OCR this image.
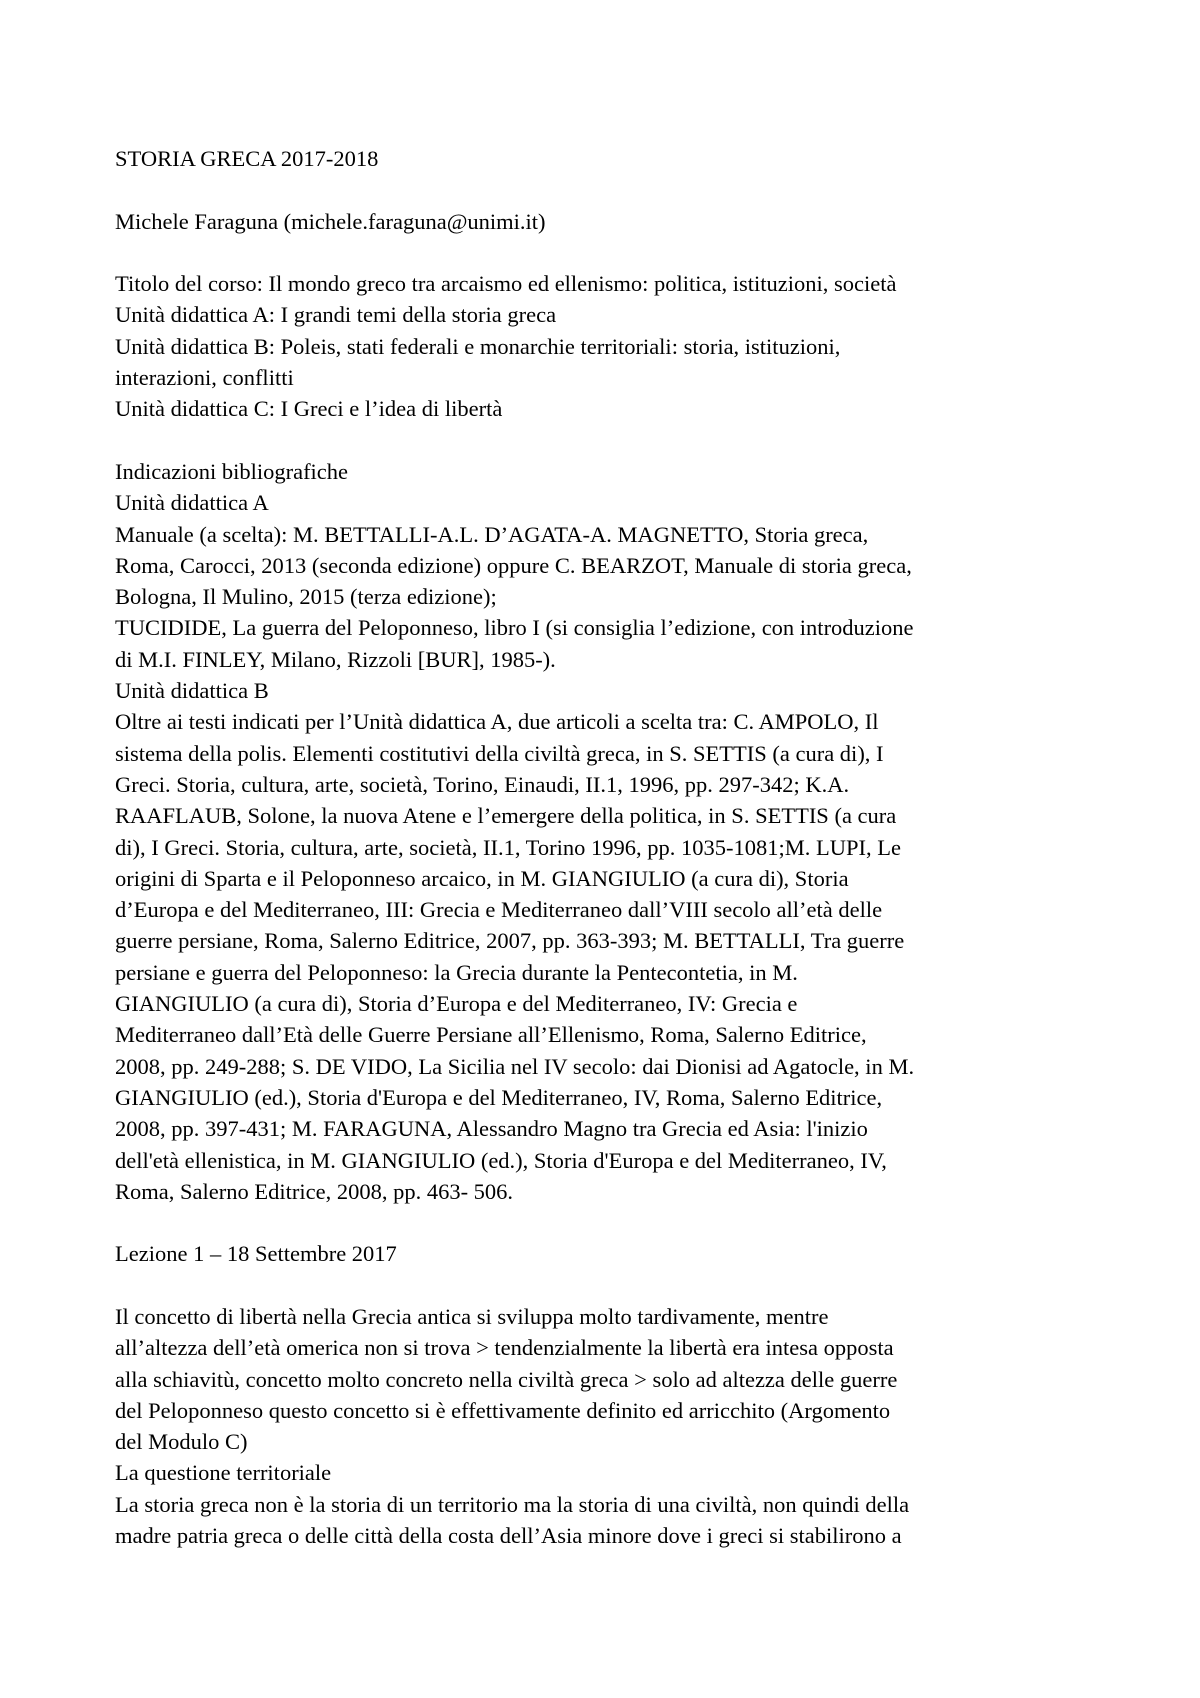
STORIA GRECA 2017-2018

Michele Faraguna (michele.faraguna@unimi.it)

Titolo del corso: Il mondo greco tra arcaismo ed ellenismo: politica, istituzioni, società

Unità didattica A: I grandi temi della storia greca

Unità didattica B: Poleis, stati federali e monarchie territoriali: storia, istituzioni,

interazioni, conflitti

Unità didattica C: I Greci e l’idea di libertà

Indicazioni bibliografiche

Unità didattica A

Manuale (a scelta): M. BETTALLI-A.L. D’AGATA-A. MAGNETTO, Storia greca,

Roma, Carocci, 2013 (seconda edizione) oppure C. BEARZOT, Manuale di storia greca,

Bologna, Il Mulino, 2015 (terza edizione);

TUCIDIDE, La guerra del Peloponneso, libro I (si consiglia l’edizione, con introduzione

di M.I. FINLEY, Milano, Rizzoli [BUR], 1985-).

Unità didattica B

Oltre ai testi indicati per l’Unità didattica A, due articoli a scelta tra: C. AMPOLO, Il

sistema della polis. Elementi costitutivi della civiltà greca, in S. SETTIS (a cura di), I

Greci. Storia, cultura, arte, società, Torino, Einaudi, II.1, 1996, pp. 297-342; K.A.

RAAFLAUB, Solone, la nuova Atene e l’emergere della politica, in S. SETTIS (a cura

di), I Greci. Storia, cultura, arte, società, II.1, Torino 1996, pp. 1035-1081;M. LUPI, Le

origini di Sparta e il Peloponneso arcaico, in M. GIANGIULIO (a cura di), Storia

d’Europa e del Mediterraneo, III: Grecia e Mediterraneo dall’VIII secolo all’età delle

guerre persiane, Roma, Salerno Editrice, 2007, pp. 363-393; M. BETTALLI, Tra guerre

persiane e guerra del Peloponneso: la Grecia durante la Pentecontetia, in M.

GIANGIULIO (a cura di), Storia d’Europa e del Mediterraneo, IV: Grecia e

Mediterraneo dall’Età delle Guerre Persiane all’Ellenismo, Roma, Salerno Editrice,

2008, pp. 249-288; S. DE VIDO, La Sicilia nel IV secolo: dai Dionisi ad Agatocle, in M.

GIANGIULIO (ed.), Storia d'Europa e del Mediterraneo, IV, Roma, Salerno Editrice,

2008, pp. 397-431; M. FARAGUNA, Alessandro Magno tra Grecia ed Asia: l'inizio

dell'età ellenistica, in M. GIANGIULIO (ed.), Storia d'Europa e del Mediterraneo, IV,

Roma, Salerno Editrice, 2008, pp. 463- 506.

Lezione 1 – 18 Settembre 2017

Il concetto di libertà nella Grecia antica si sviluppa molto tardivamente, mentre

all’altezza dell’età omerica non si trova > tendenzialmente la libertà era intesa opposta

alla schiavitù, concetto molto concreto nella civiltà greca > solo ad altezza delle guerre

del Peloponneso questo concetto si è effettivamente definito ed arricchito (Argomento

del Modulo C)

La questione territoriale

La storia greca non è la storia di un territorio ma la storia di una civiltà, non quindi della

madre patria greca o delle città della costa dell’Asia minore dove i greci si stabilirono a
